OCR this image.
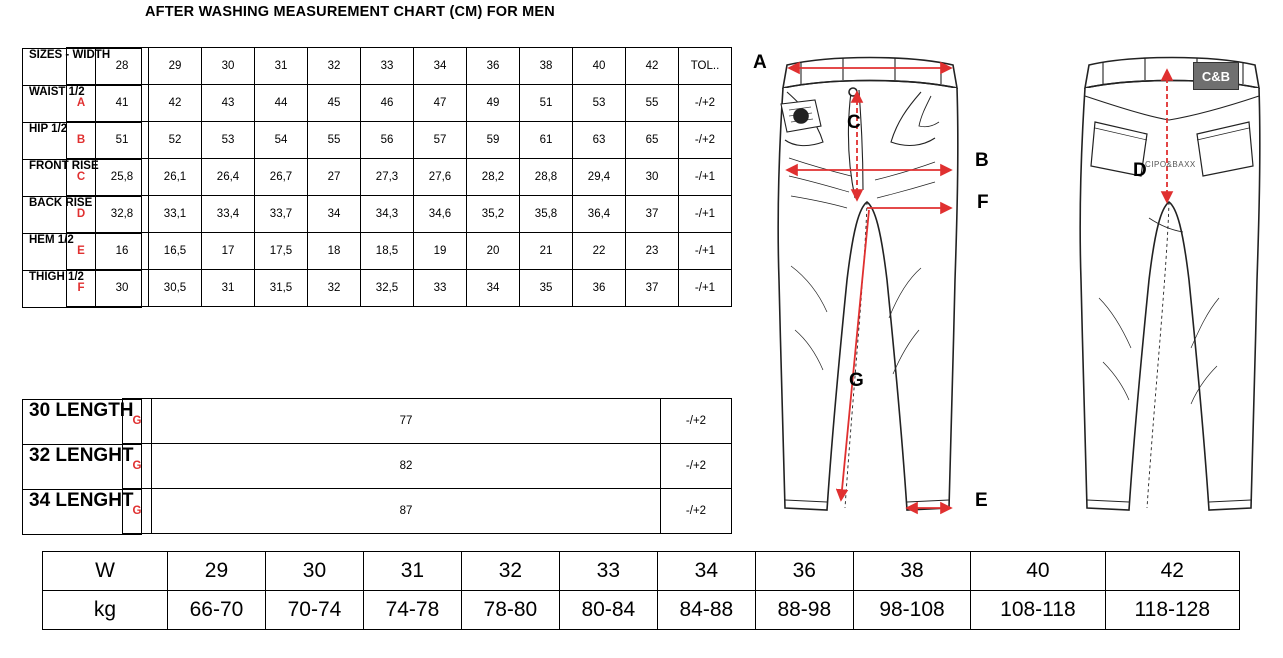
AFTER WASHING MEASUREMENT CHART (CM) FOR MEN
SIZES - WIDTH
	28	29	30	31	32	33	34	36	38	40	42	TOL..

WAIST 1/2
A	41	42	43	44	45	46	47	49	51	53	55	-/+2

HIP 1/2
B	51	52	53	54	55	56	57	59	61	63	65	-/+2

FRONT RISE
C	25,8	26,1	26,4	26,7	27	27,3	27,6	28,2	28,8	29,4	30	-/+1

BACK RISE
D	32,8	33,1	33,4	33,7	34	34,3	34,6	35,2	35,8	36,4	37	-/+1

HEM 1/2
E	16	16,5	17	17,5	18	18,5	19	20	21	22	23	-/+1

THIGH 1/2
F	30	30,5	31	31,5	32	32,5	33	34	35	36	37	-/+1
30 LENGTH
G	77	-/+2

32 LENGHT
G	82	-/+2

34 LENGHT
G	87	-/+2
W	29	30	31	32	33	34	36	38	40	42
kg	66-70	70-74	74-78	78-80	80-84	84-88	88-98	98-108	108-118	118-128
A
B
C
D
E
F
G
C&B
CIPO&BAXX
